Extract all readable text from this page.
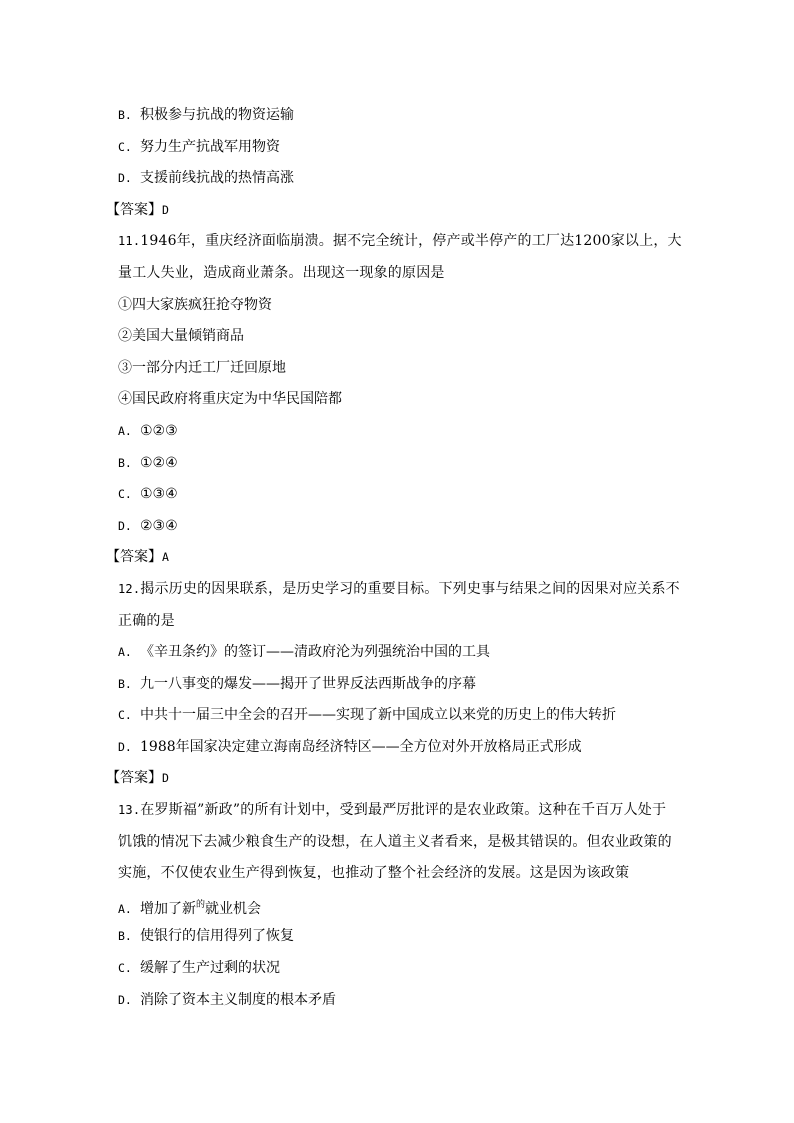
B. 积极参与抗战的物资运输
C. 努力生产抗战军用物资
D. 支援前线抗战的热情高涨
【答案】D
11.1946年，重庆经济面临崩溃。据不完全统计，停产或半停产的工厂达1200家以上，大
量工人失业，造成商业萧条。出现这一现象的原因是
①四大家族疯狂抢夺物资
②美国大量倾销商品
③一部分内迁工厂迁回原地
④国民政府将重庆定为中华民国陪都
A. ①②③
B. ①②④
C. ①③④
D. ②③④
【答案】A
12.揭示历史的因果联系，是历史学习的重要目标。下列史事与结果之间的因果对应关系不
正确的是
A. 《辛丑条约》的签订——清政府沦为列强统治中国的工具
B. 九一八事变的爆发——揭开了世界反法西斯战争的序幕
C. 中共十一届三中全会的召开——实现了新中国成立以来党的历史上的伟大转折
D. 1988年国家决定建立海南岛经济特区——全方位对外开放格局正式形成
【答案】D
13.在罗斯福”新政”的所有计划中，受到最严厉批评的是农业政策。这种在千百万人处于
饥饿的情况下去减少粮食生产的设想，在人道主义者看来，是极其错误的。但农业政策的
实施，不仅使农业生产得到恢复，也推动了整个社会经济的发展。这是因为该政策
A. 增加了新$^的$就业机会
B. 使银行的信用得列了恢复
C. 缓解了生产过剩的状况
D. 消除了资本主义制度的根本矛盾
